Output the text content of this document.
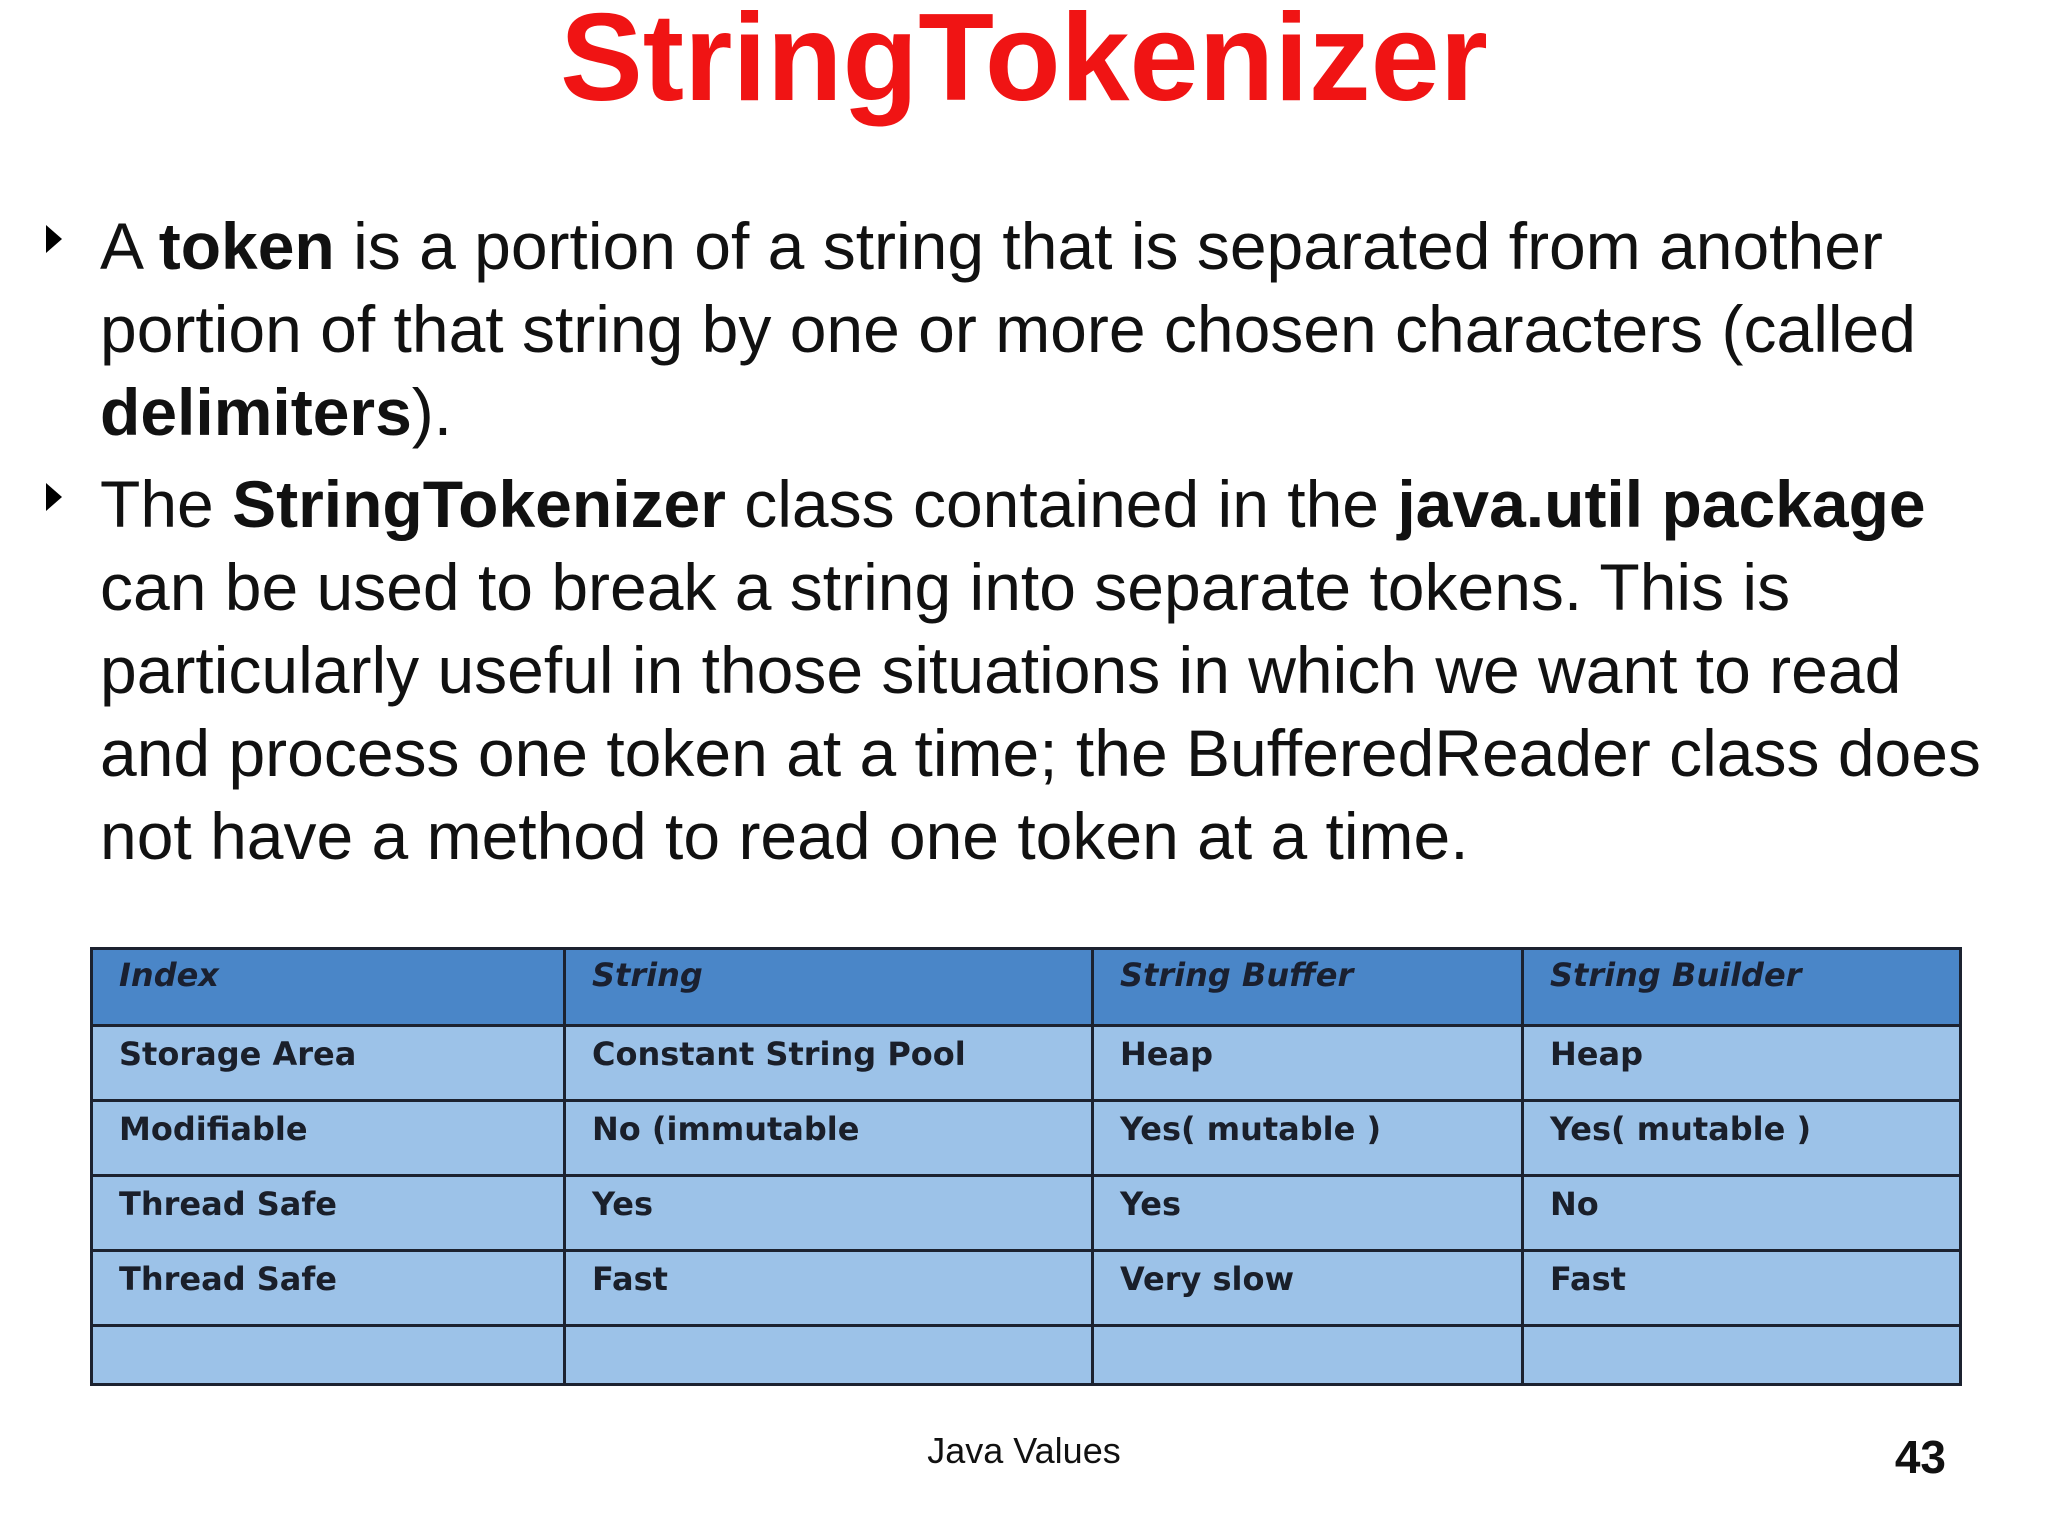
StringTokenizer

A token is a portion of a string that is separated from another portion of that string by one or more chosen characters (called delimiters).

The StringTokenizer class contained in the java.util package can be used to break a string into separate tokens. This is particularly useful in those situations in which we want to read and process one token at a time; the BufferedReader class does not have a method to read one token at a time.

Index	String	String Buffer	String Builder
Storage Area	Constant String Pool	Heap	Heap
Modifiable	No (immutable	Yes( mutable )	Yes( mutable )
Thread Safe	Yes	Yes	No
Thread Safe	Fast	Very slow	Fast

Java Values	43
